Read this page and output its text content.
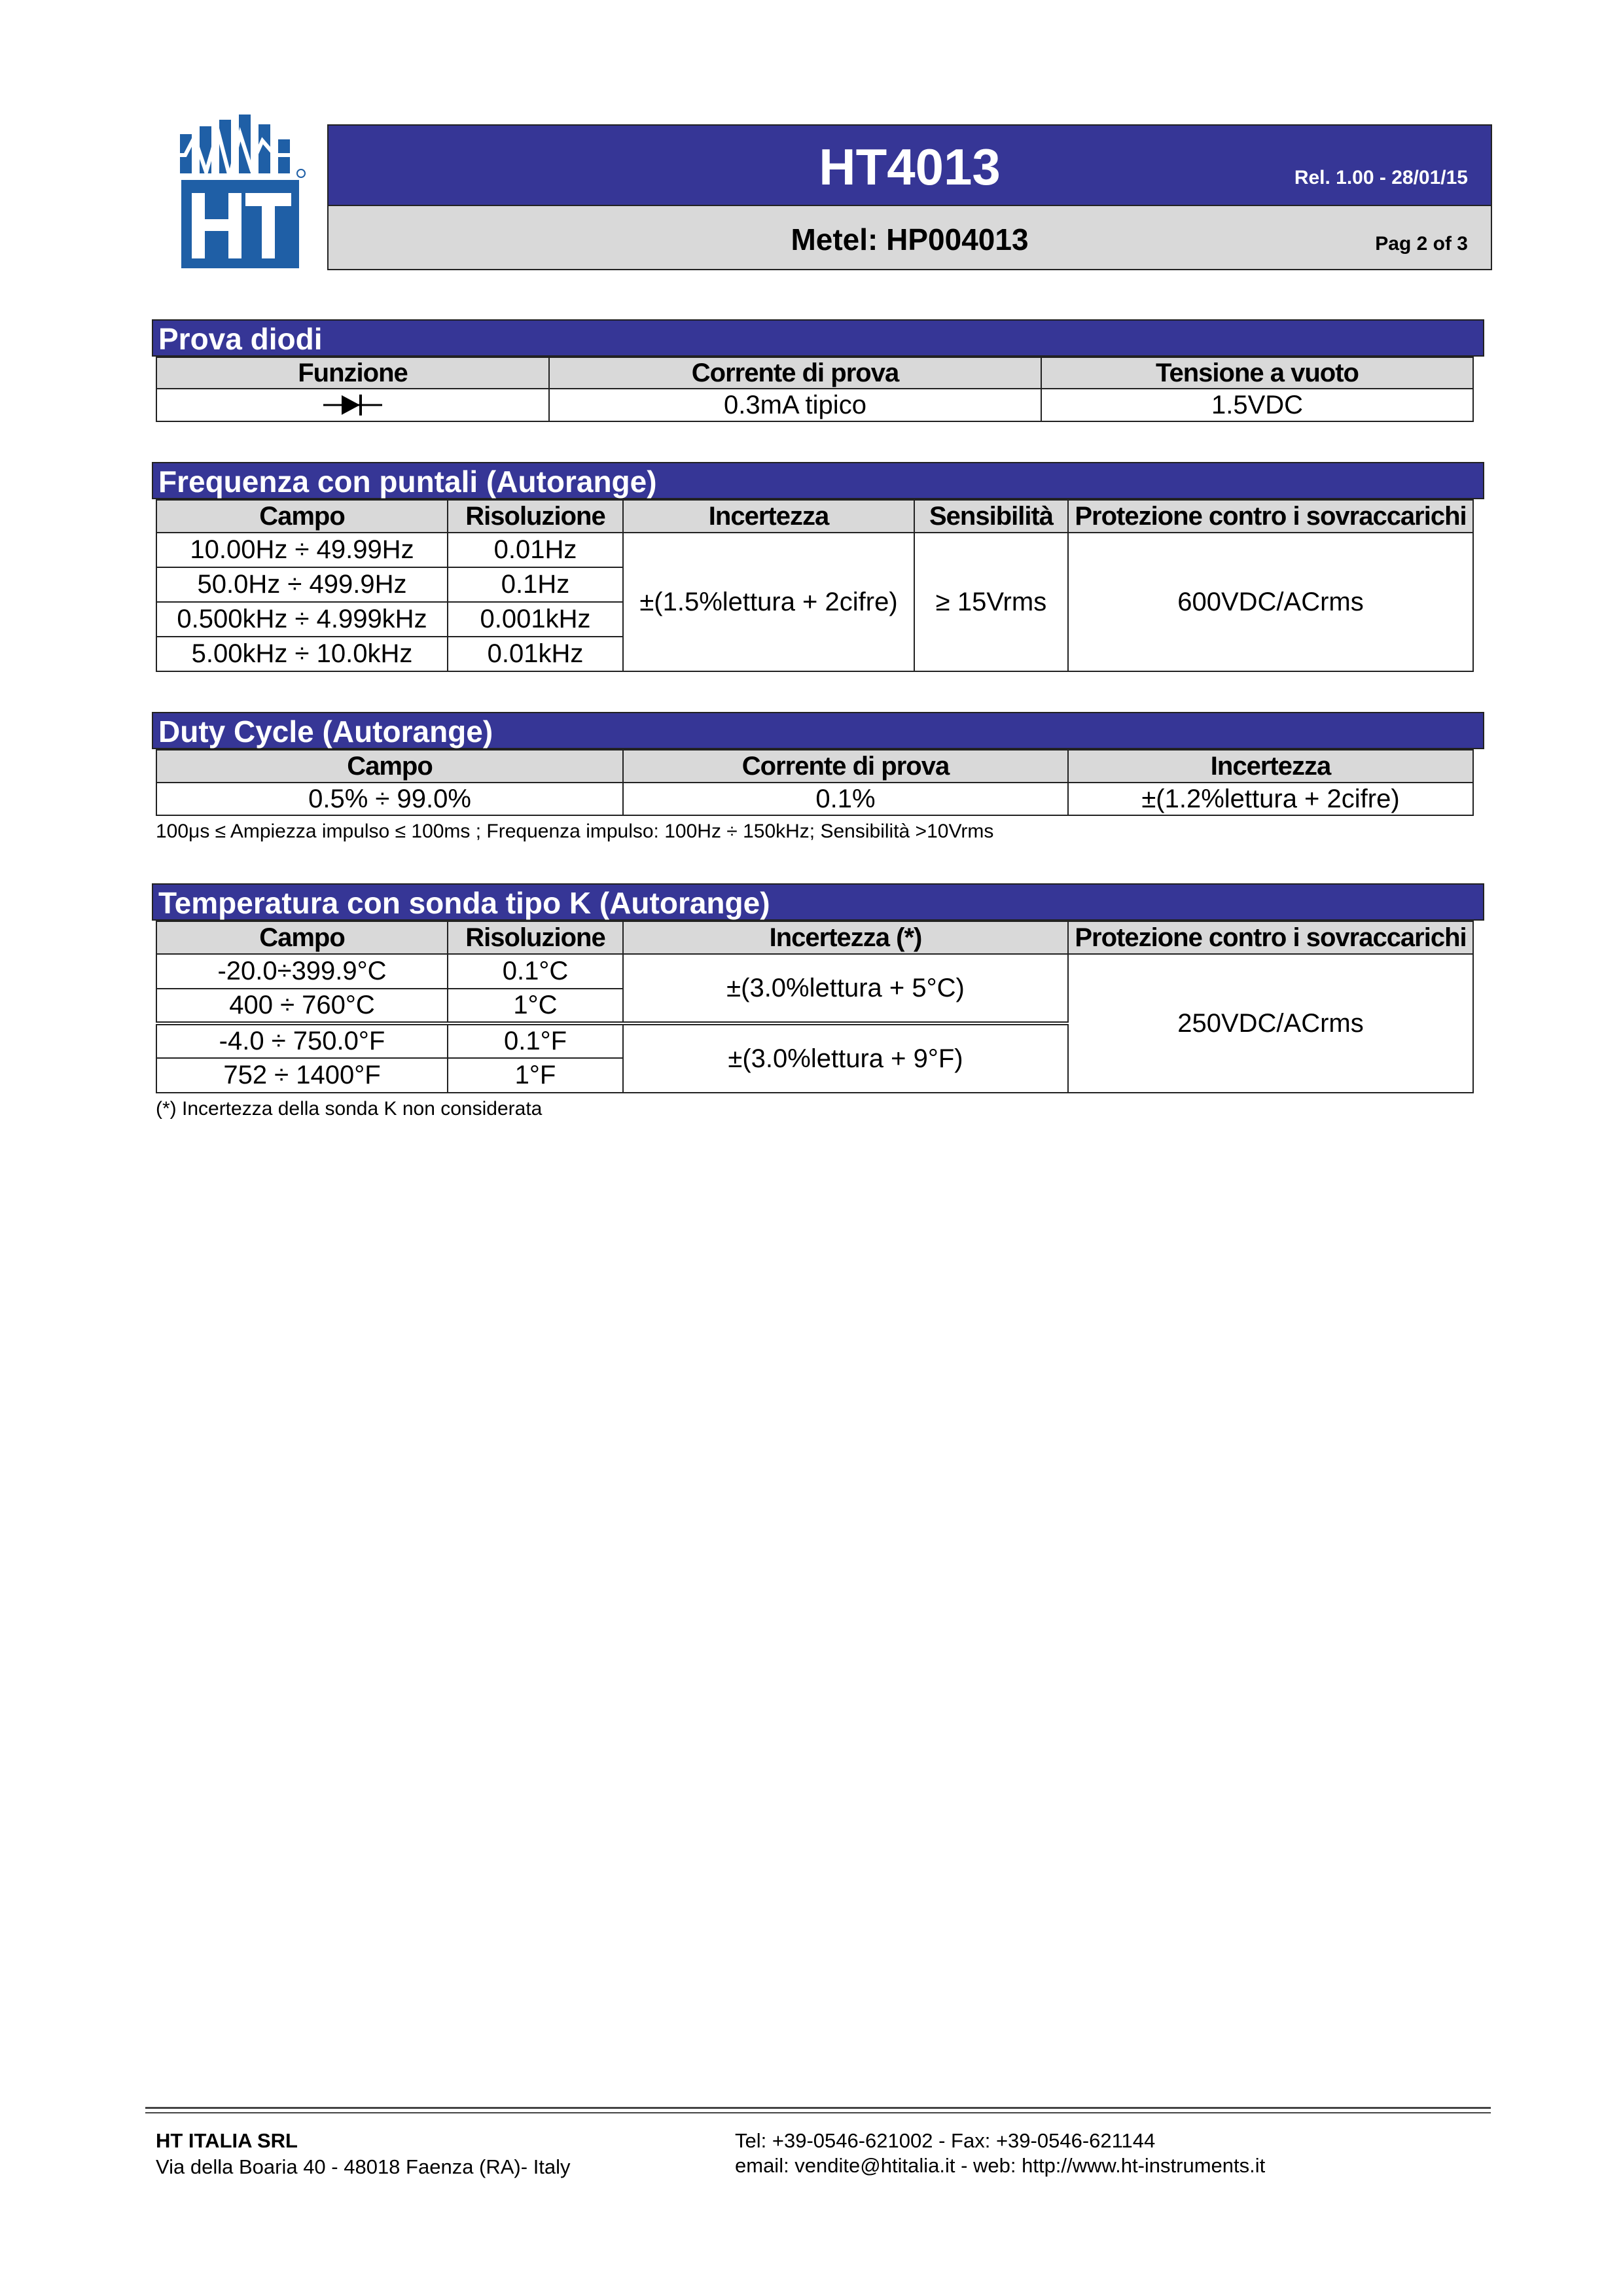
HT4013	Rel. 1.00 - 28/01/15
Metel: HP004013	Pag 2 of 3
Prova diodi
Funzione	Corrente di prova	Tensione a vuoto

	0.3mA tipico	1.5VDC
Frequenza con puntali (Autorange)
Campo	Risoluzione	Incertezza	Sensibilità	Protezione contro i sovraccarichi
10.00Hz ÷ 49.99Hz	0.01Hz	±(1.5%lettura + 2cifre)	≥ 15Vrms	600VDC/ACrms
50.0Hz ÷ 499.9Hz	0.1Hz			
0.500kHz ÷ 4.999kHz	0.001kHz			
5.00kHz ÷ 10.0kHz	0.01kHz			
Duty Cycle (Autorange)
Campo	Corrente di prova	Incertezza
0.5% ÷ 99.0%	0.1%	±(1.2%lettura + 2cifre)
100μs ≤ Ampiezza impulso ≤ 100ms ; Frequenza impulso: 100Hz ÷ 150kHz; Sensibilità >10Vrms
Temperatura con sonda tipo K (Autorange)
Campo	Risoluzione	Incertezza (*)	Protezione contro i sovraccarichi
-20.0÷399.9°C	0.1°C	±(3.0%lettura + 5°C)	250VDC/ACrms
400 ÷ 760°C	1°C		
-4.0 ÷ 750.0°F	0.1°F	±(3.0%lettura + 9°F)	
752 ÷ 1400°F	1°F		
(*) Incertezza della sonda K non considerata
HT ITALIA SRL
Via della Boaria 40 - 48018 Faenza (RA)- Italy
Tel: +39-0546-621002 - Fax: +39-0546-621144
email: vendite@htitalia.it - web: http://www.ht-instruments.it
